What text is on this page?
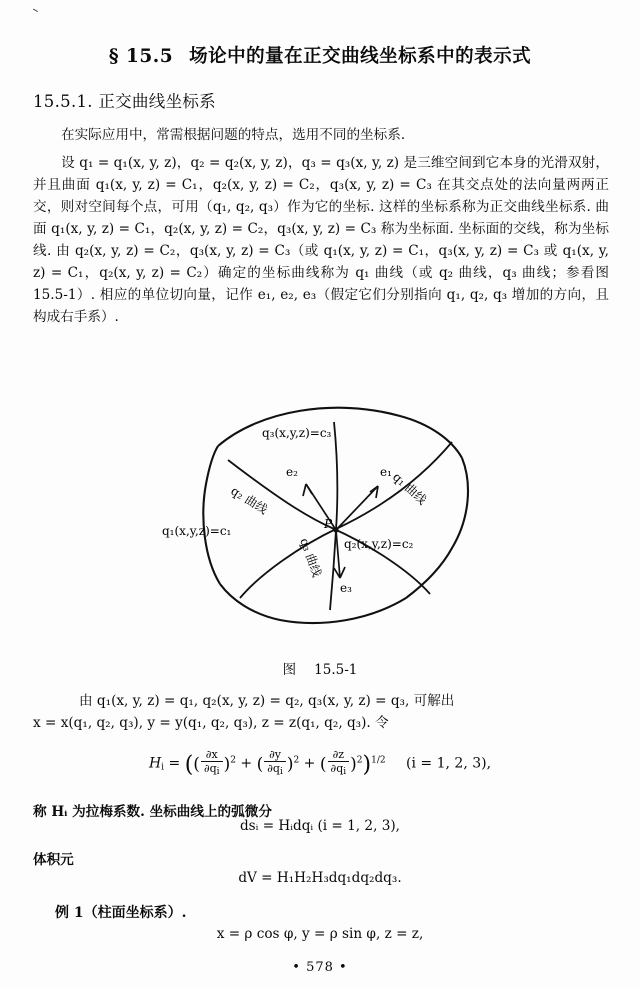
ᐠ
§ 15.5 场论中的量在正交曲线坐标系中的表示式
15.5.1. 正交曲线坐标系
在实际应用中，常需根据问题的特点，选用不同的坐标系.
设 q₁ = q₁(x, y, z)，q₂ = q₂(x, y, z)，q₃ = q₃(x, y, z) 是三维空间到它本身的光滑双射，并且曲面 q₁(x, y, z) = C₁，q₂(x, y, z) = C₂，q₃(x, y, z) = C₃ 在其交点处的法向量两两正交，则对空间每个点，可用（q₁, q₂, q₃）作为它的坐标. 这样的坐标系称为正交曲线坐标系. 曲面 q₁(x, y, z) = C₁，q₂(x, y, z) = C₂，q₃(x, y, z) = C₃ 称为坐标面. 坐标面的交线，称为坐标线. 由 q₂(x, y, z) = C₂，q₃(x, y, z) = C₃（或 q₁(x, y, z) = C₁，q₃(x, y, z) = C₃ 或 q₁(x, y, z) = C₁，q₂(x, y, z) = C₂）确定的坐标曲线称为 q₁ 曲线（或 q₂ 曲线，q₃ 曲线；参看图 15.5-1）. 相应的单位切向量，记作 e₁, e₂, e₃（假定它们分别指向 q₁, q₂, q₃ 增加的方向，且构成右手系）.
q₃(x,y,z)=c₃
q₁(x,y,z)=c₁
q₂(x,y,z)=c₂
q₂ 曲线	q₁ 曲线
q₃ 曲线
P
e₁
e₂
e₃
图 15.5-1
由 q₁(x, y, z) = q₁, q₂(x, y, z) = q₂, q₃(x, y, z) = q₃, 可解出
x = x(q₁, q₂, q₃), y = y(q₁, q₂, q₃), z = z(q₁, q₂, q₃). 令
$H_i$ = (( $\frac{\partial x}{\partial q_i} )^2$ + ( $\frac{\partial y}{\partial q_i} )^2$ + ( $\frac{\partial z}{\partial q_i} )^2)^{1/2}$ (i = 1, 2, 3),
称 Hᵢ 为拉梅系数. 坐标曲线上的弧微分
dsᵢ = Hᵢdqᵢ (i = 1, 2, 3),
体积元
dV = H₁H₂H₃dq₁dq₂dq₃.
例 1（柱面坐标系）.
x = ρ cos φ, y = ρ sin φ, z = z,
• 578 •
